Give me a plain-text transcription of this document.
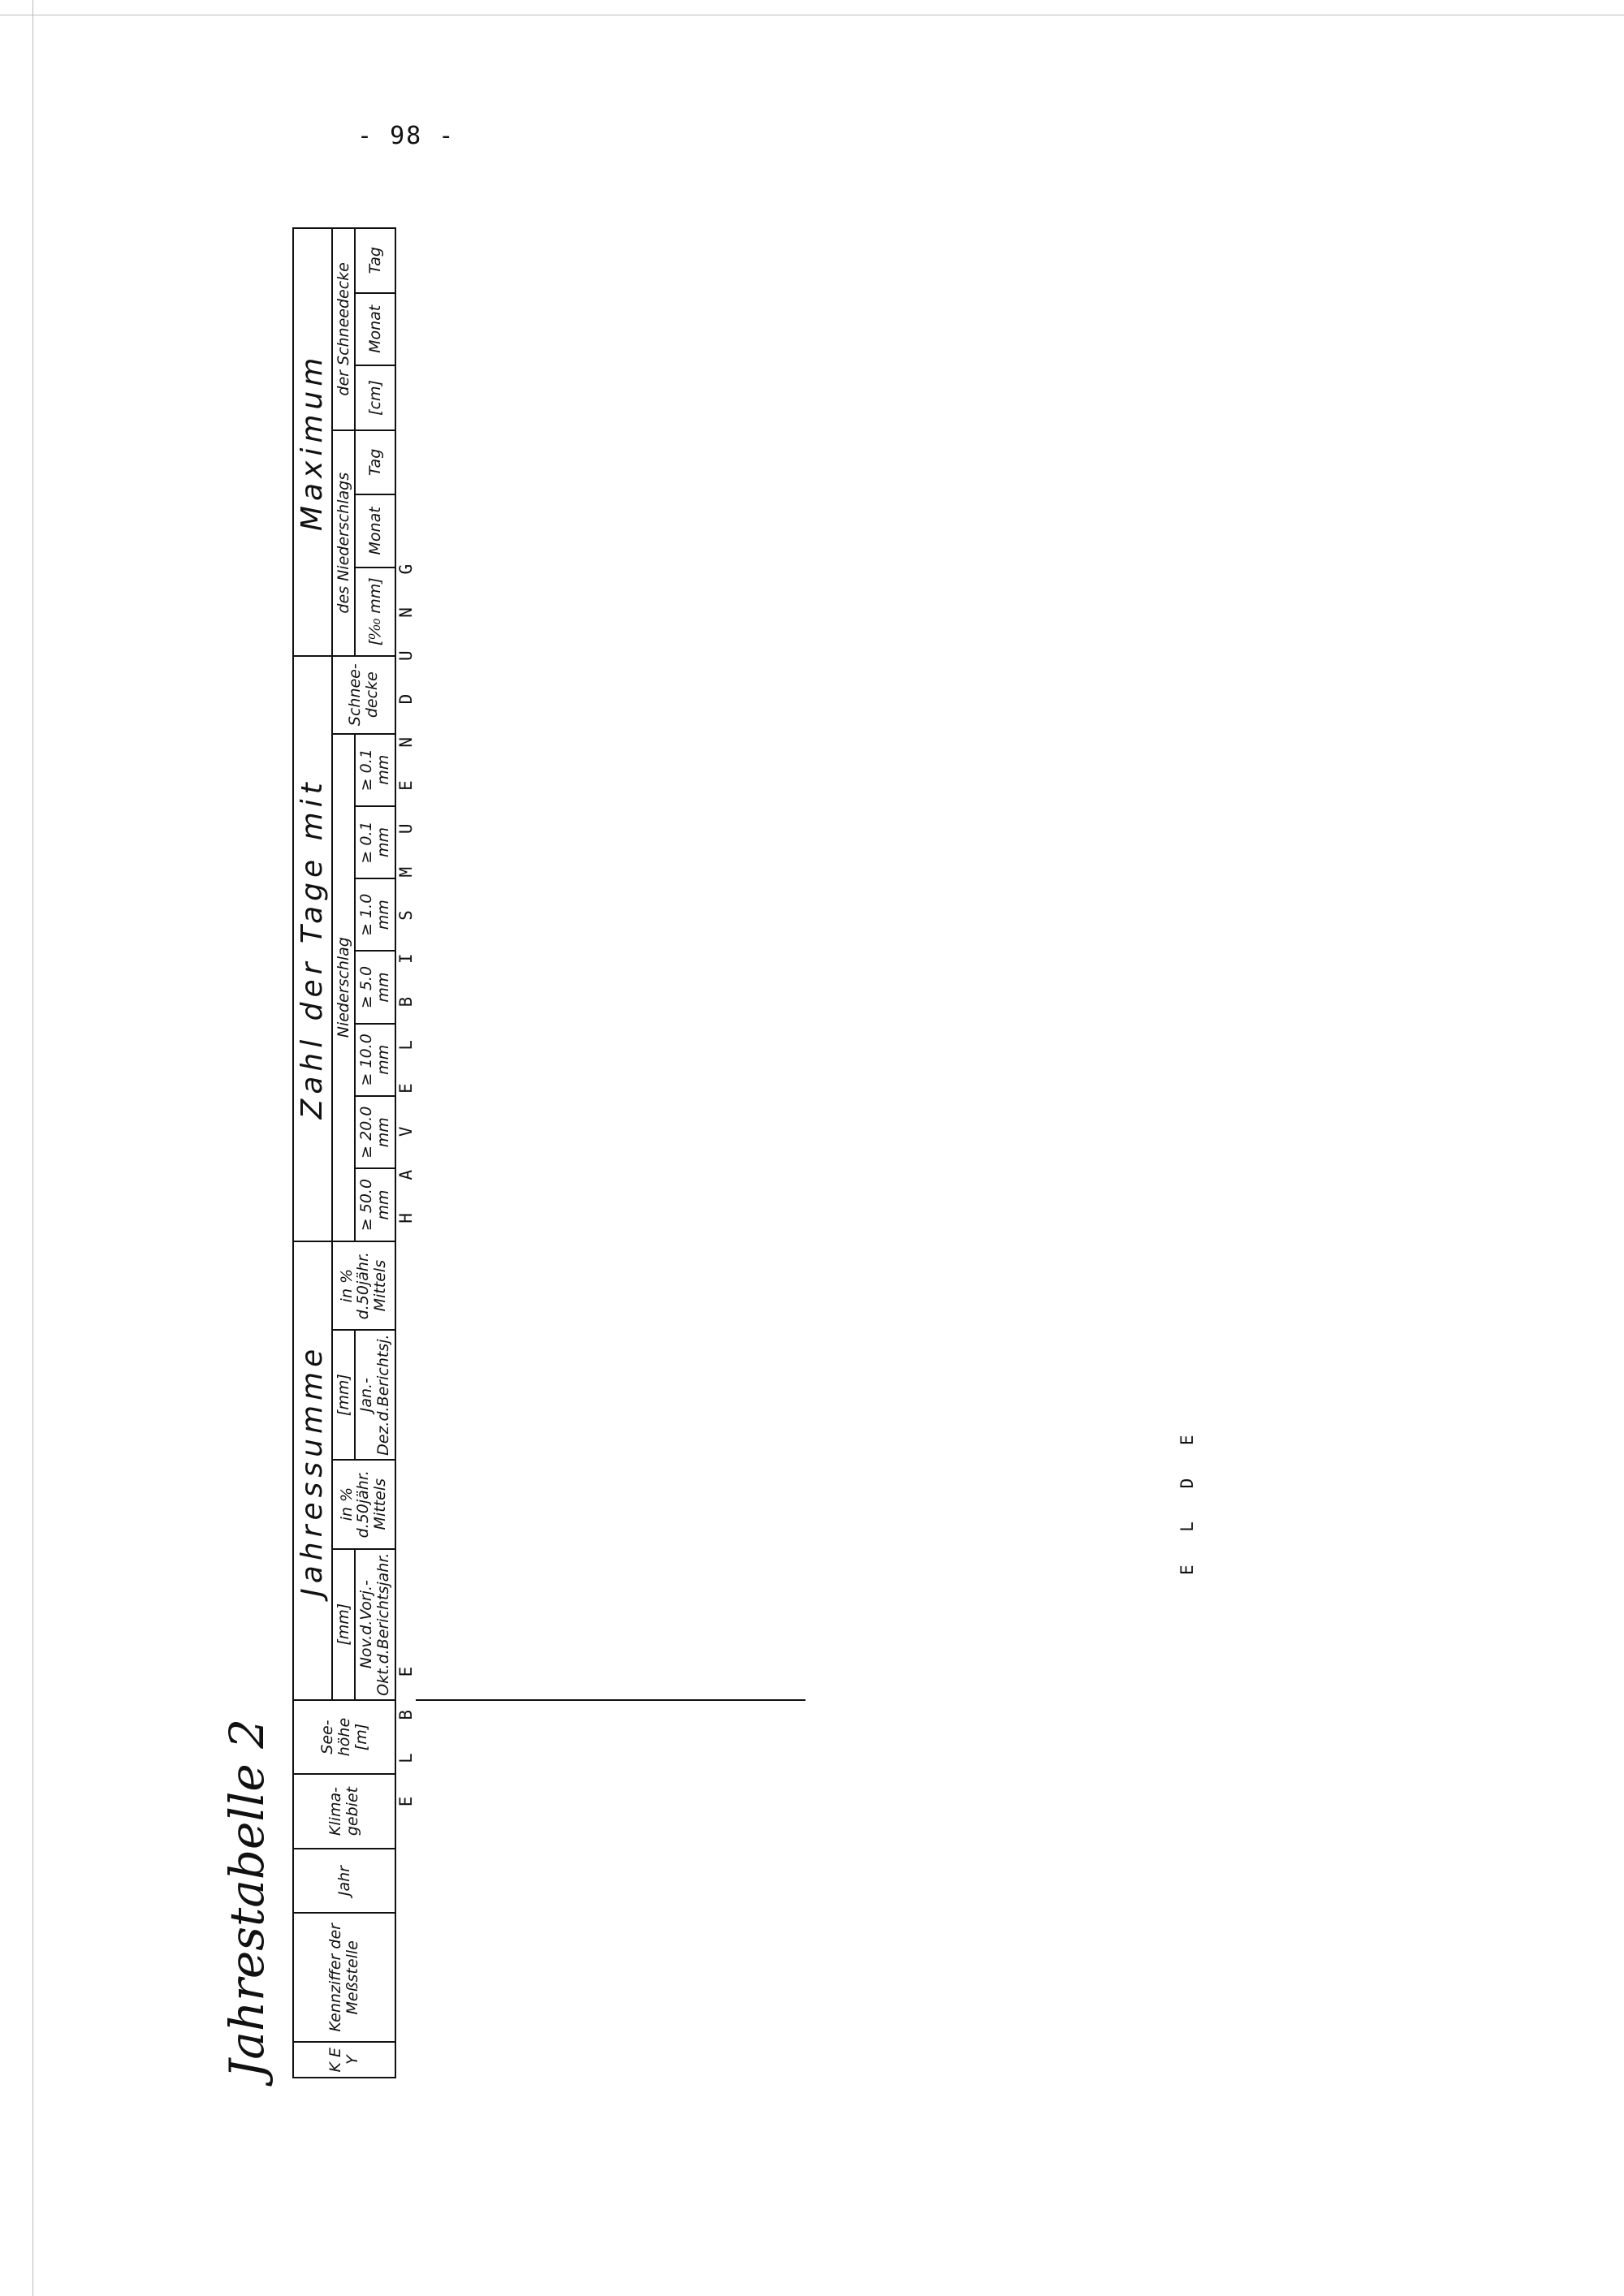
- 98 -
Jahrestabelle 2	K E Y	Kennziffer der Meßstelle	Jahr	Klima-gebiet	See-höhe [m]	Jahressumme				Zahl der Tage mit								Maximum					
					[mm]	in % d.50jähr. Mittels	[mm]	in % d.50jähr. Mittels	Niederschlag							Schnee-decke	des Niederschlags			der Schneedecke		
					Nov.d.Vorj.-Okt.d.Berichtsjahr.		Jan.-Dez.d.Berichtsj.		≥ 50.0 mm	≥ 20.0 mm	≥ 10.0 mm	≥ 5.0 mm	≥ 1.0 mm	≥ 0.1 mm	≥ 0.1 mm		[⁰⁄₀₀ mm]	Monat	Tag	[cm]	Monat	Tag
		E L B E				H A V E L B I S M U E N D U N G																

E L D E
